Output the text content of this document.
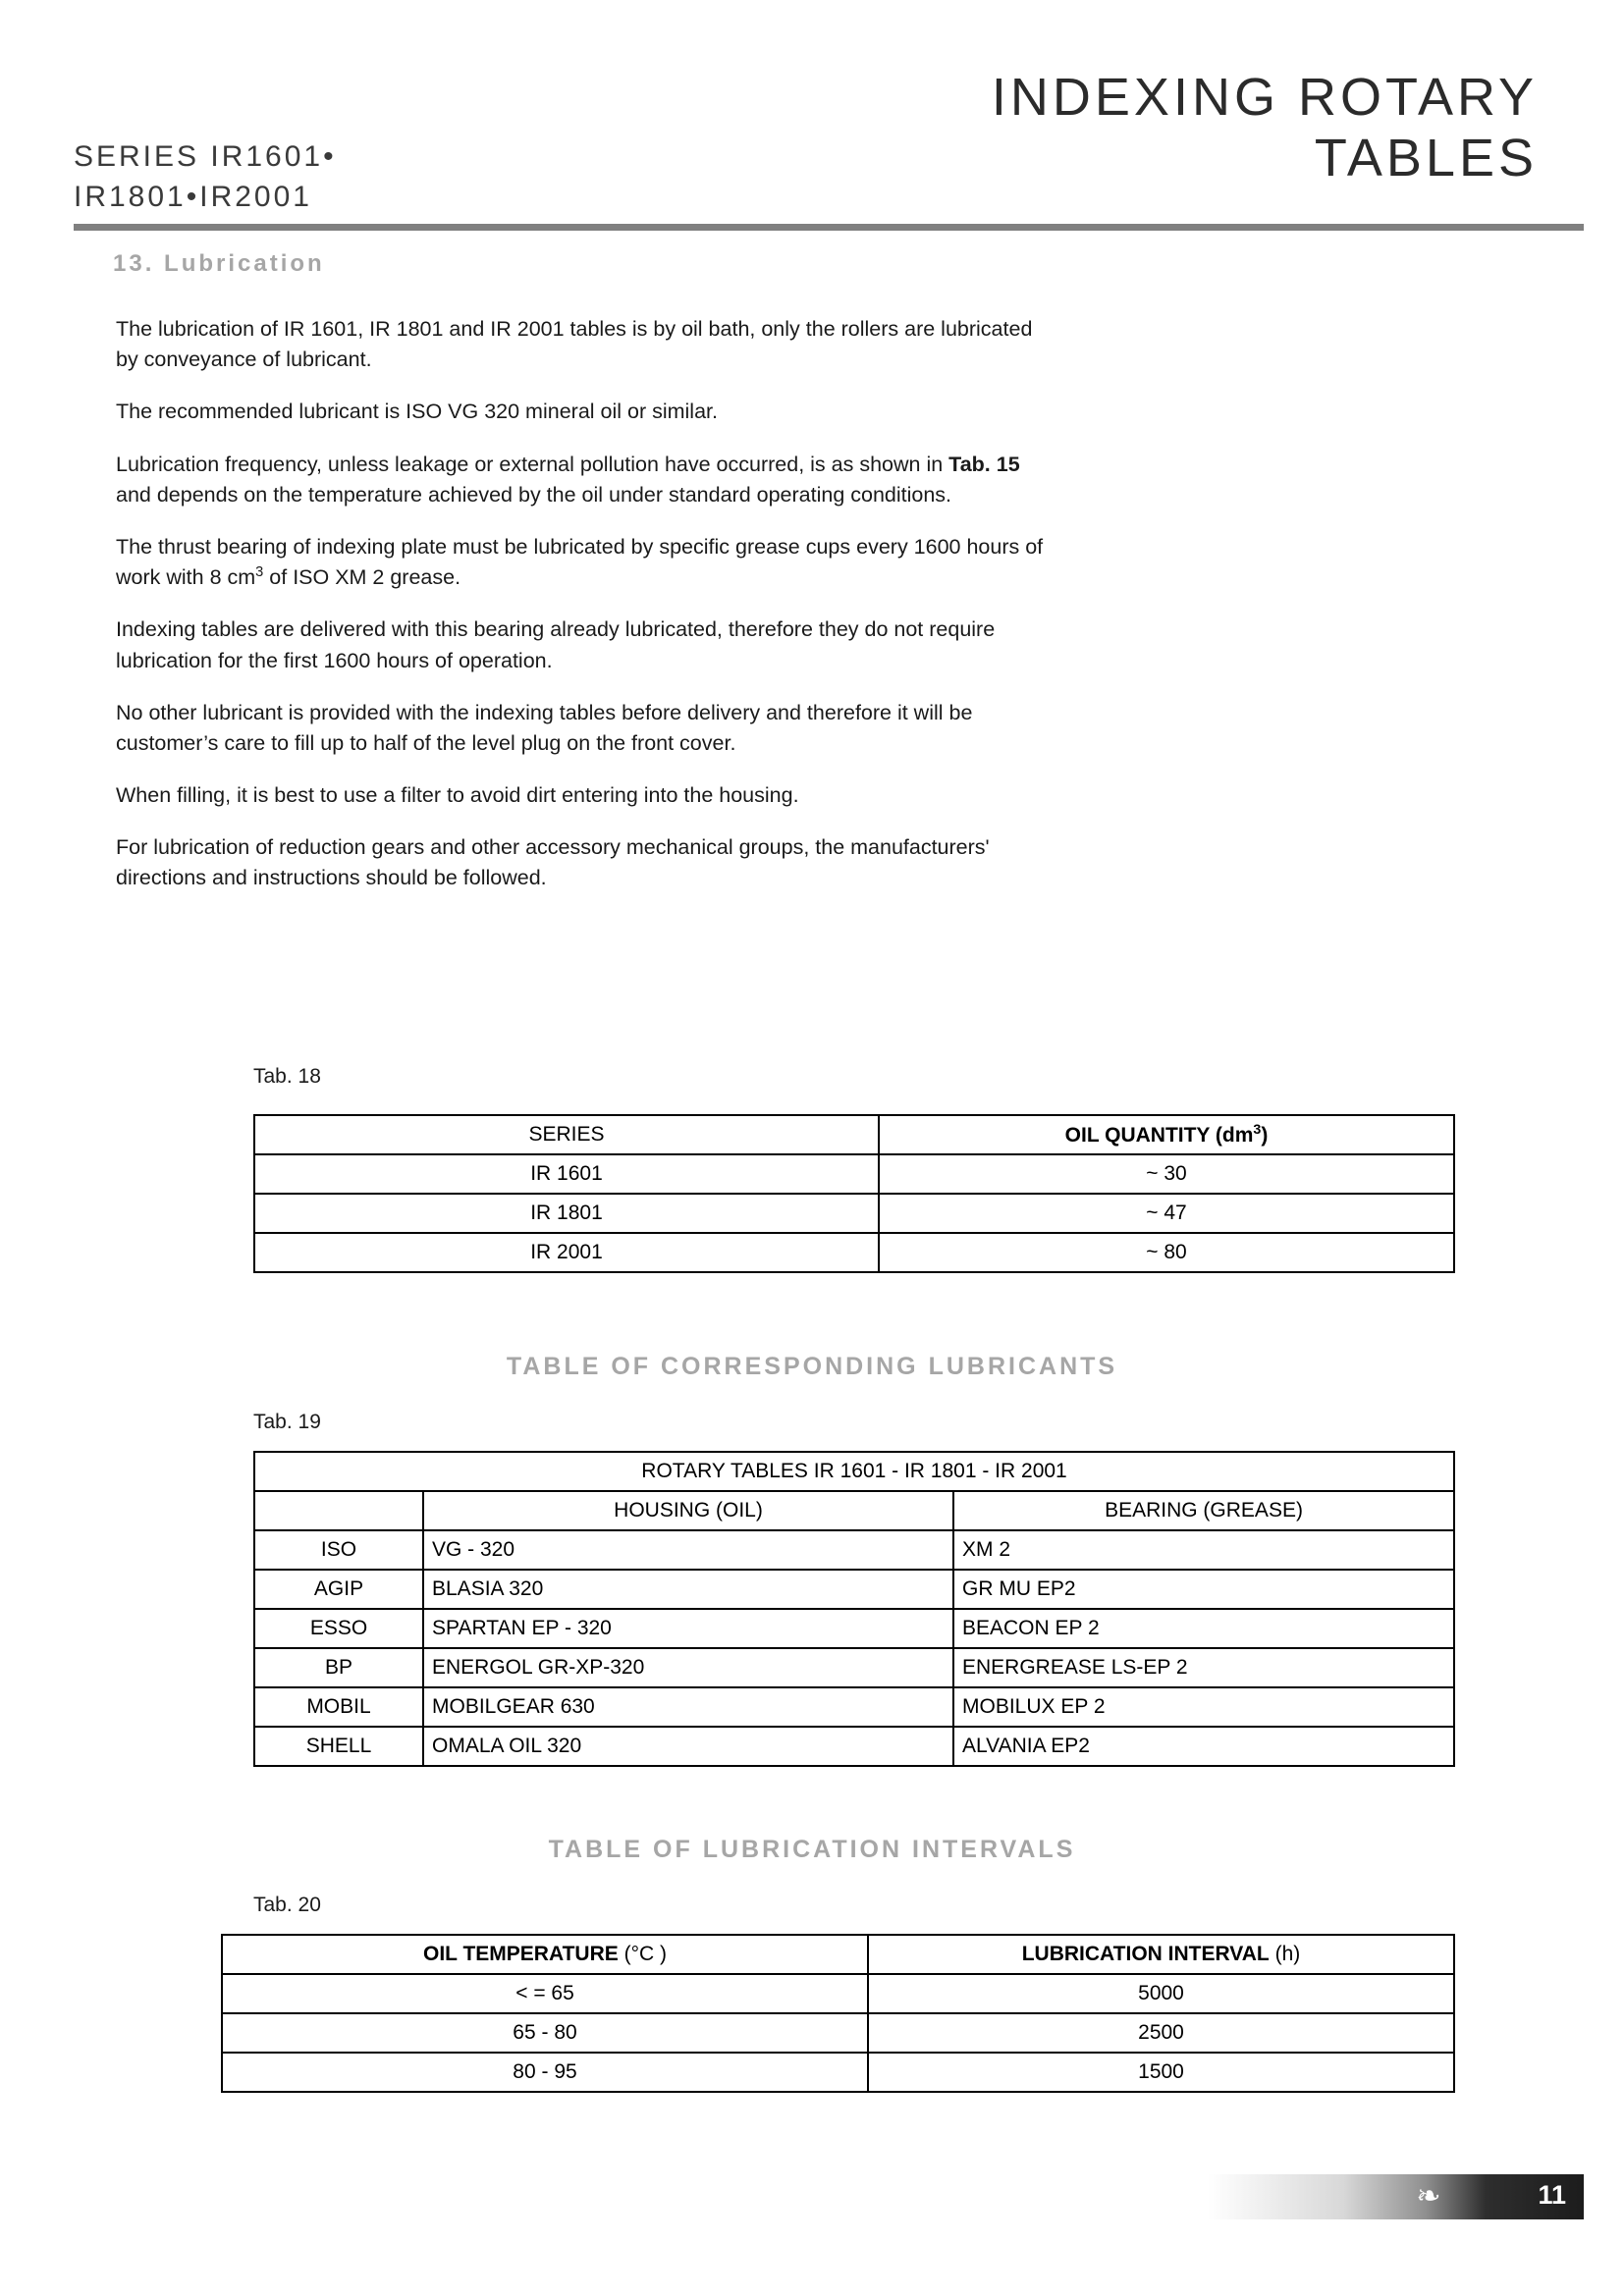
SERIES IR1601•
IR1801•IR2001
INDEXING ROTARY
TABLES
13. Lubrication

The lubrication of IR 1601, IR 1801 and IR 2001 tables is by oil bath, only the rollers are lubricated by conveyance of lubricant.

The recommended lubricant is ISO VG 320 mineral oil or similar.

Lubrication frequency, unless leakage or external pollution have occurred, is as shown in Tab. 15 and depends on the temperature achieved by the oil under standard operating conditions.

The thrust bearing of indexing plate must be lubricated by specific grease cups every 1600 hours of work with 8 $cm^3$ of ISO XM 2 grease.

Indexing tables are delivered with this bearing already lubricated, therefore they do not require lubrication for the first 1600 hours of operation.

No other lubricant is provided with the indexing tables before delivery and therefore it will be customer’s care to fill up to half of the level plug on the front cover.

When filling, it is best to use a filter to avoid dirt entering into the housing.

For lubrication of reduction gears and other accessory mechanical groups, the manufacturers' directions and instructions should be followed.

Tab. 18
SERIES	OIL QUANTITY $(dm^3)$
IR 1601	~ 30
IR 1801	~ 47
IR 2001	~ 80
TABLE OF CORRESPONDING LUBRICANTS
Tab. 19
ROTARY TABLES IR 1601 - IR 1801 - IR 2001		
	HOUSING (OIL)	BEARING (GREASE)
ISO	VG - 320	XM 2
AGIP	BLASIA 320	GR MU EP2
ESSO	SPARTAN EP - 320	BEACON EP 2
BP	ENERGOL GR-XP-320	ENERGREASE LS-EP 2
MOBIL	MOBILGEAR 630	MOBILUX EP 2
SHELL	OMALA OIL 320	ALVANIA EP2
TABLE OF LUBRICATION INTERVALS
Tab. 20
OIL TEMPERATURE (°C )	LUBRICATION INTERVAL (h)
< = 65	5000
65 - 80	2500
80 - 95	1500
❧	11
